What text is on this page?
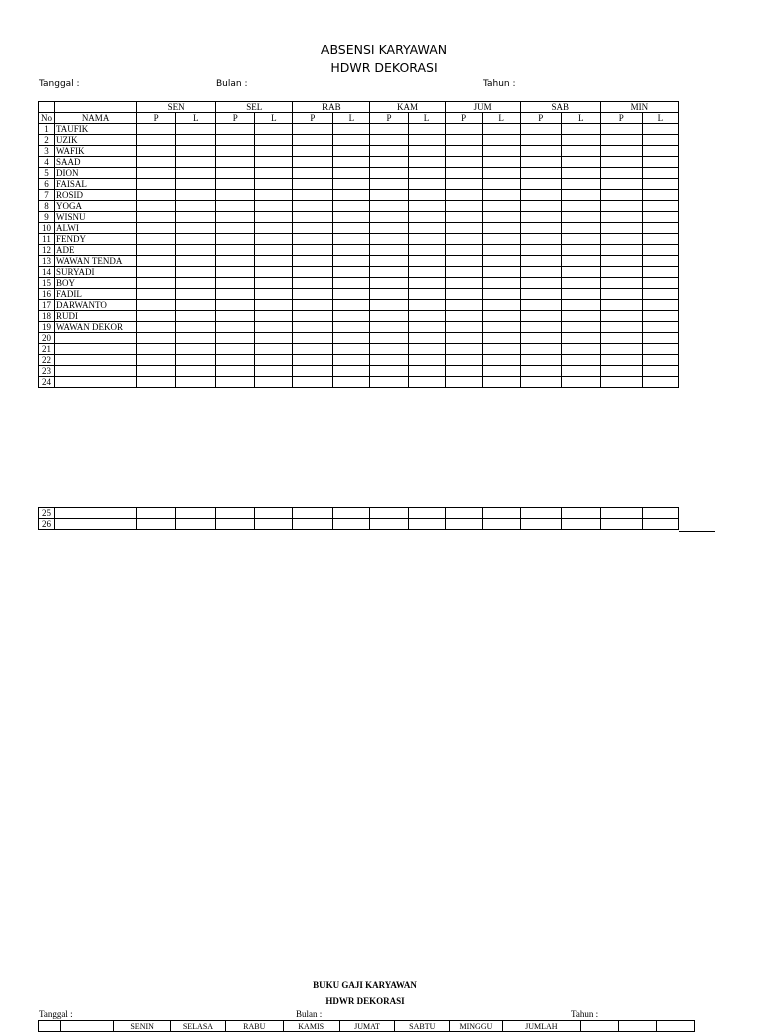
ABSENSI KARYAWAN
HDWR DEKORASI
Tanggal :	Bulan :	Tahun :
		SEN		SEL		RAB		KAM		JUM		SAB		MIN	
No	NAMA	P	L	P	L	P	L	P	L	P	L	P	L	P	L
1	TAUFIK														
2	UZIK														
3	WAFIK														
4	SAAD														
5	DION														
6	FAISAL														
7	ROSID														
8	YOGA														
9	WISNU														
10	ALWI														
11	FENDY														
12	ADE														
13	WAWAN TENDA														
14	SURYADI														
15	BOY														
16	FADIL														
17	DARWANTO														
18	RUDI														
19	WAWAN DEKOR														
20															
21															
22															
23															
24															
25															
26															
BUKU GAJI KARYAWAN
HDWR DEKORASI
Tanggal :	Bulan :	Tahun :
		SENIN	SELASA	RABU	KAMIS	JUMAT	SABTU	MINGGU	JUMLAH			
